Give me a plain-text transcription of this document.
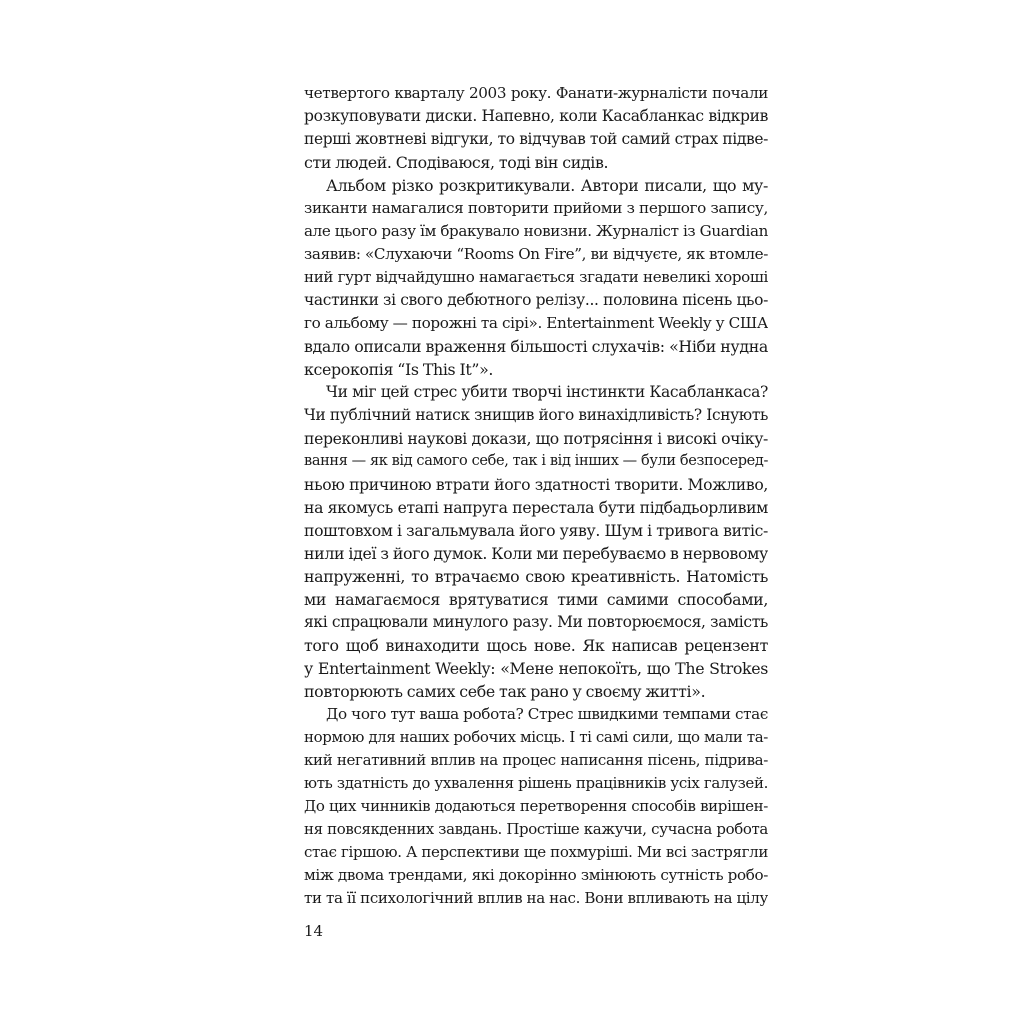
четвертого кварталу 2003 року. Фанати-журналісти почали
розкуповувати диски. Напевно, коли Касабланкас відкрив
перші жовтневі відгуки, то відчував той самий страх підве-
сти людей. Сподіваюся, тоді він сидів.
Альбом різко розкритикували. Автори писали, що му-
зиканти намагалися повторити прийоми з першого запису,
але цього разу їм бракувало новизни. Журналіст із Guardian
заявив: «Слухаючи “Rooms On Fire”, ви відчуєте, як втомле-
ний гурт відчайдушно намагається згадати невеликі хороші
частинки зі свого дебютного релізу... половина пісень цьо-
го альбому — порожні та сірі». Entertainment Weekly у США
вдало описали враження більшості слухачів: «Ніби нудна
ксерокопія “Is This It”».
Чи міг цей стрес убити творчі інстинкти Касабланкаса?
Чи публічний натиск знищив його винахідливість? Існують
переконливі наукові докази, що потрясіння і високі очіку-
вання — як від самого себе, так і від інших — були безпосеред-
ньою причиною втрати його здатності творити. Можливо,
на якомусь етапі напруга перестала бути підбадьорливим
поштовхом і загальмувала його уяву. Шум і тривога витіс-
нили ідеї з його думок. Коли ми перебуваємо в нервовому
напруженні, то втрачаємо свою креативність. Натомість
ми намагаємося врятуватися тими самими способами,
які спрацювали минулого разу. Ми повторюємося, замість
того щоб винаходити щось нове. Як написав рецензент
у Entertainment Weekly: «Мене непокоїть, що The Strokes
повторюють самих себе так рано у своєму житті».
До чого тут ваша робота? Стрес швидкими темпами стає
нормою для наших робочих місць. І ті самі сили, що мали та-
кий негативний вплив на процес написання пісень, підрива-
ють здатність до ухвалення рішень працівників усіх галузей.
До цих чинників додаються перетворення способів вирішен-
ня повсякденних завдань. Простіше кажучи, сучасна робота
стає гіршою. А перспективи ще похмуріші. Ми всі застрягли
між двома трендами, які докорінно змінюють сутність робо-
ти та її психологічний вплив на нас. Вони впливають на цілу
14
